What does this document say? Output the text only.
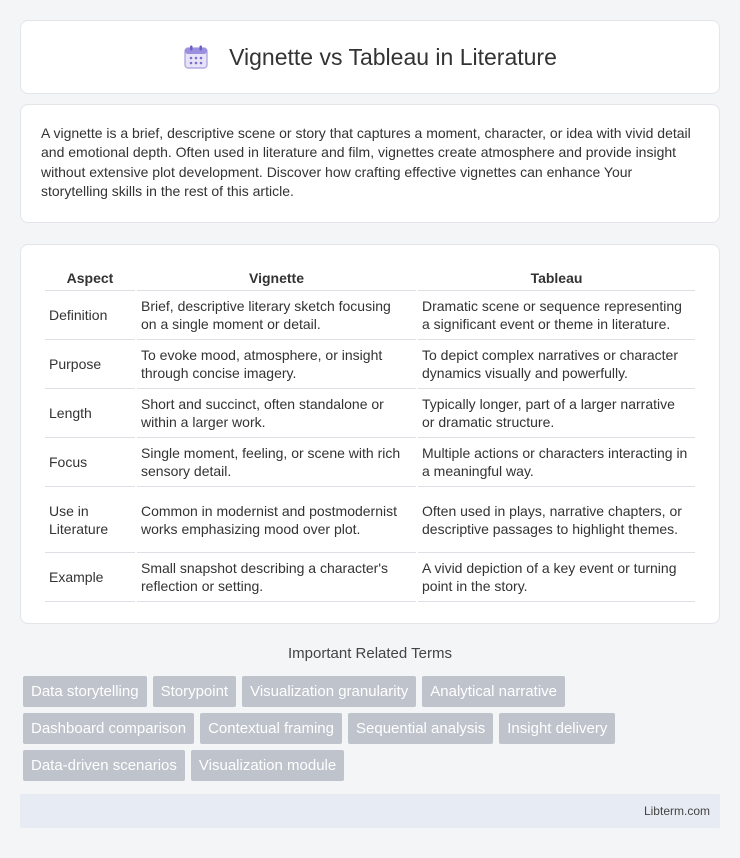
Vignette vs Tableau in Literature

A vignette is a brief, descriptive scene or story that captures a moment, character, or idea with vivid detail and emotional depth. Often used in literature and film, vignettes create atmosphere and provide insight without extensive plot development. Discover how crafting effective vignettes can enhance Your storytelling skills in the rest of this article.

Aspect	Vignette	Tableau
Definition	Brief, descriptive literary sketch focusing on a single moment or detail.	Dramatic scene or sequence representing a significant event or theme in literature.
Purpose	To evoke mood, atmosphere, or insight through concise imagery.	To depict complex narratives or character dynamics visually and powerfully.
Length	Short and succinct, often standalone or within a larger work.	Typically longer, part of a larger narrative or dramatic structure.
Focus	Single moment, feeling, or scene with rich sensory detail.	Multiple actions or characters interacting in a meaningful way.
Use in Literature	Common in modernist and postmodernist works emphasizing mood over plot.	Often used in plays, narrative chapters, or descriptive passages to highlight themes.
Example	Small snapshot describing a character's reflection or setting.	A vivid depiction of a key event or turning point in the story.
Important Related Terms
Data storytelling	Storypoint	Visualization granularity	Analytical narrative
Dashboard comparison	Contextual framing	Sequential analysis	Insight delivery
Data-driven scenarios	Visualization module
Libterm.com
